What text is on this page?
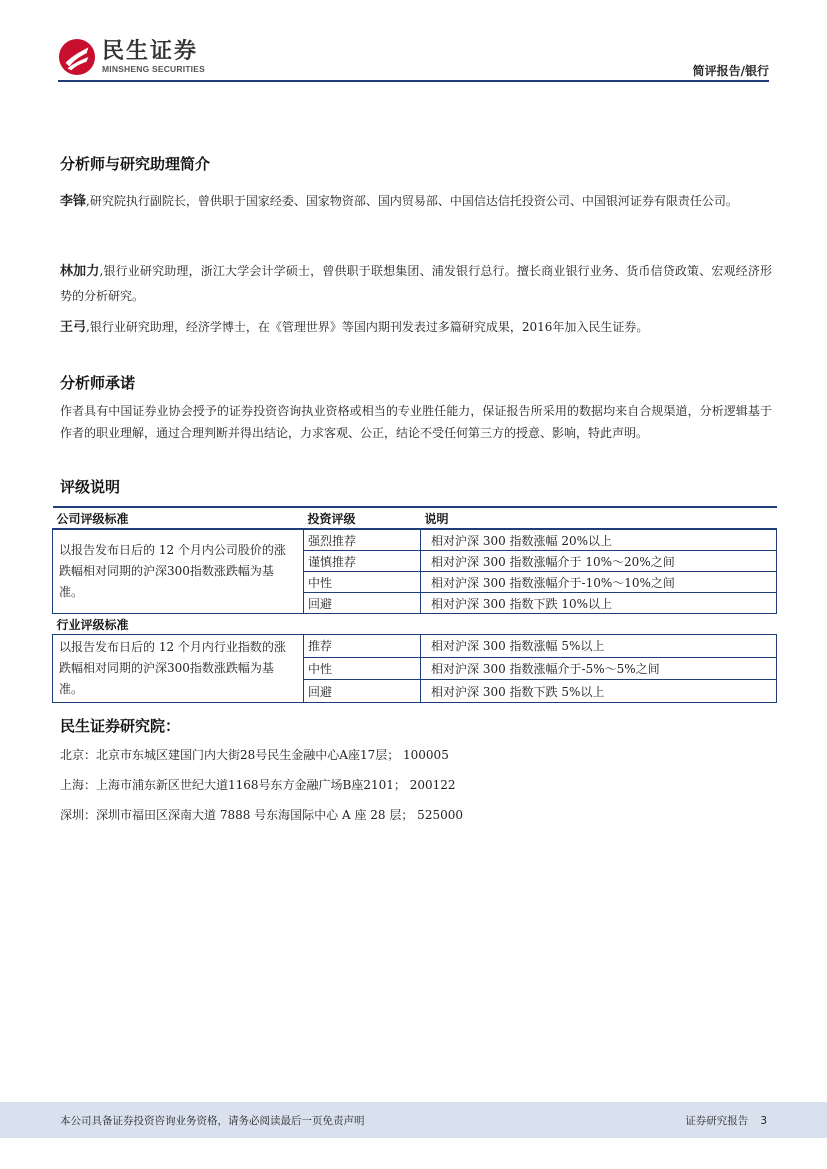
民生证券
MINSHENG SECURITIES	简评报告/银行
分析师与研究助理简介
李锋,研究院执行副院长，曾供职于国家经委、国家物资部、国内贸易部、中国信达信托投资公司、中国银河证券有限责任公司。
林加力,银行业研究助理，浙江大学会计学硕士，曾供职于联想集团、浦发银行总行。擅长商业银行业务、货币信贷政策、宏观经济形势的分析研究。
王弓,银行业研究助理，经济学博士，在《管理世界》等国内期刊发表过多篇研究成果，2016年加入民生证券。
分析师承诺
作者具有中国证券业协会授予的证券投资咨询执业资格或相当的专业胜任能力，保证报告所采用的数据均来自合规渠道，分析逻辑基于作者的职业理解，通过合理判断并得出结论，力求客观、公正，结论不受任何第三方的授意、影响，特此声明。
评级说明
公司评级标准	投资评级	说明
以报告发布日后的 12 个月内公司股价的涨跌幅相对同期的沪深300指数涨跌幅为基准。	强烈推荐	相对沪深 300 指数涨幅 20%以上
	谨慎推荐	相对沪深 300 指数涨幅介于 10%～20%之间
	中性	相对沪深 300 指数涨幅介于-10%～10%之间
	回避	相对沪深 300 指数下跌 10%以上
行业评级标准		
以报告发布日后的 12 个月内行业指数的涨跌幅相对同期的沪深300指数涨跌幅为基准。	推荐	相对沪深 300 指数涨幅 5%以上
	中性	相对沪深 300 指数涨幅介于-5%～5%之间
	回避	相对沪深 300 指数下跌 5%以上
民生证券研究院：
北京：北京市东城区建国门内大街28号民生金融中心A座17层； 100005
上海：上海市浦东新区世纪大道1168号东方金融广场B座2101； 200122
深圳：深圳市福田区深南大道 7888 号东海国际中心 A 座 28 层； 525000
本公司具备证券投资咨询业务资格，请务必阅读最后一页免责声明	证券研究报告 3
